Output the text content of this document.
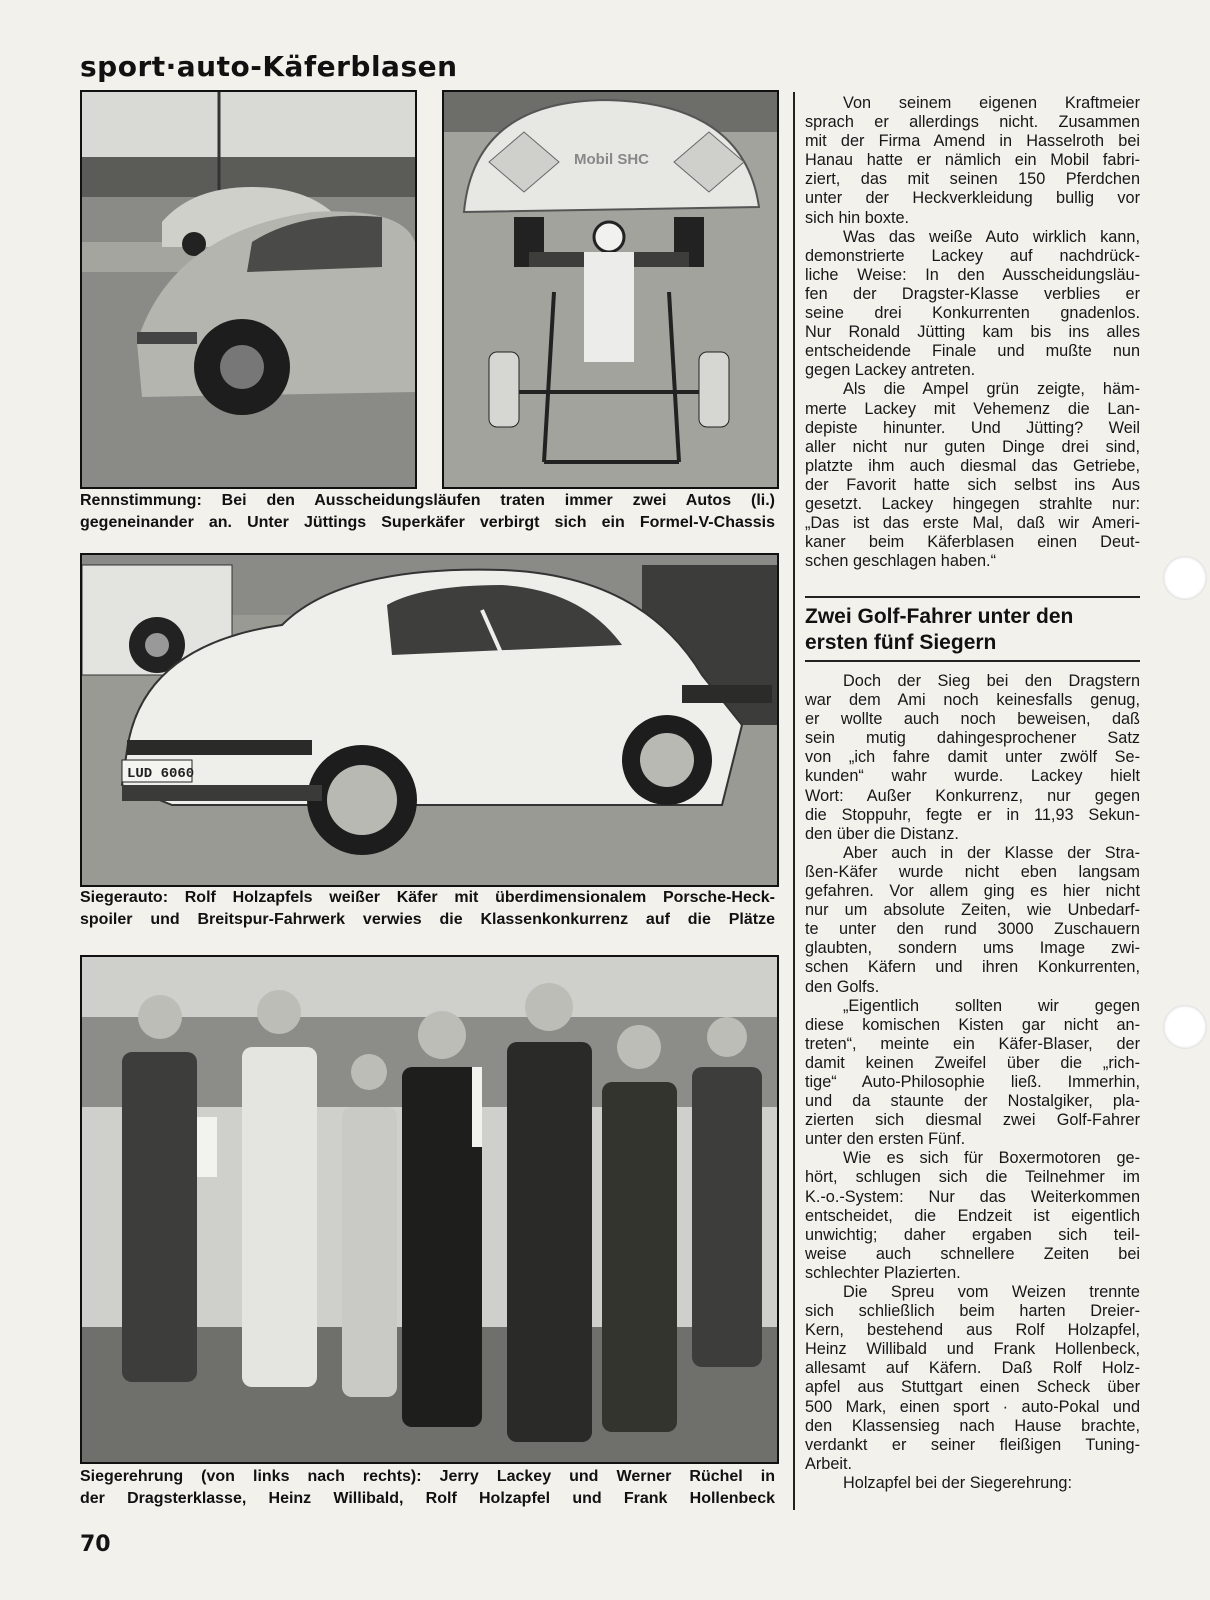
sport·auto-Käferblasen
Mobil SHC
Rennstimmung: Bei den Ausscheidungsläufen traten immer zwei Autos (li.)
gegeneinander an. Unter Jüttings Superkäfer verbirgt sich ein Formel-V-Chassis
LUD 6060
Siegerauto: Rolf Holzapfels weißer Käfer mit überdimensionalem Porsche-Heck-
spoiler und Breitspur-Fahrwerk verwies die Klassenkonkurrenz auf die Plätze
Siegerehrung (von links nach rechts): Jerry Lackey und Werner Rüchel in
der Dragsterklasse, Heinz Willibald, Rolf Holzapfel und Frank Hollenbeck
70
Von seinem eigenen Kraftmeier
sprach er allerdings nicht. Zusammen
mit der Firma Amend in Hasselroth bei
Hanau hatte er nämlich ein Mobil fabri-
ziert, das mit seinen 150 Pferdchen
unter der Heckverkleidung bullig vor
sich hin boxte.
Was das weiße Auto wirklich kann,
demonstrierte Lackey auf nachdrück-
liche Weise: In den Ausscheidungsläu-
fen der Dragster-Klasse verblies er
seine drei Konkurrenten gnadenlos.
Nur Ronald Jütting kam bis ins alles
entscheidende Finale und mußte nun
gegen Lackey antreten.
Als die Ampel grün zeigte, häm-
merte Lackey mit Vehemenz die Lan-
depiste hinunter. Und Jütting? Weil
aller nicht nur guten Dinge drei sind,
platzte ihm auch diesmal das Getriebe,
der Favorit hatte sich selbst ins Aus
gesetzt. Lackey hingegen strahlte nur:
„Das ist das erste Mal, daß wir Ameri-
kaner beim Käferblasen einen Deut-
schen geschlagen haben.“
Zwei Golf-Fahrer unter den
ersten fünf Siegern
Doch der Sieg bei den Dragstern
war dem Ami noch keinesfalls genug,
er wollte auch noch beweisen, daß
sein mutig dahingesprochener Satz
von „ich fahre damit unter zwölf Se-
kunden“ wahr wurde. Lackey hielt
Wort: Außer Konkurrenz, nur gegen
die Stoppuhr, fegte er in 11,93 Sekun-
den über die Distanz.
Aber auch in der Klasse der Stra-
ßen-Käfer wurde nicht eben langsam
gefahren. Vor allem ging es hier nicht
nur um absolute Zeiten, wie Unbedarf-
te unter den rund 3000 Zuschauern
glaubten, sondern ums Image zwi-
schen Käfern und ihren Konkurrenten,
den Golfs.
„Eigentlich sollten wir gegen
diese komischen Kisten gar nicht an-
treten“, meinte ein Käfer-Blaser, der
damit keinen Zweifel über die „rich-
tige“ Auto-Philosophie ließ. Immerhin,
und da staunte der Nostalgiker, pla-
zierten sich diesmal zwei Golf-Fahrer
unter den ersten Fünf.
Wie es sich für Boxermotoren ge-
hört, schlugen sich die Teilnehmer im
K.-o.-System: Nur das Weiterkommen
entscheidet, die Endzeit ist eigentlich
unwichtig; daher ergaben sich teil-
weise auch schnellere Zeiten bei
schlechter Plazierten.
Die Spreu vom Weizen trennte
sich schließlich beim harten Dreier-
Kern, bestehend aus Rolf Holzapfel,
Heinz Willibald und Frank Hollenbeck,
allesamt auf Käfern. Daß Rolf Holz-
apfel aus Stuttgart einen Scheck über
500 Mark, einen sport · auto-Pokal und
den Klassensieg nach Hause brachte,
verdankt er seiner fleißigen Tuning-
Arbeit.
Holzapfel bei der Siegerehrung:
